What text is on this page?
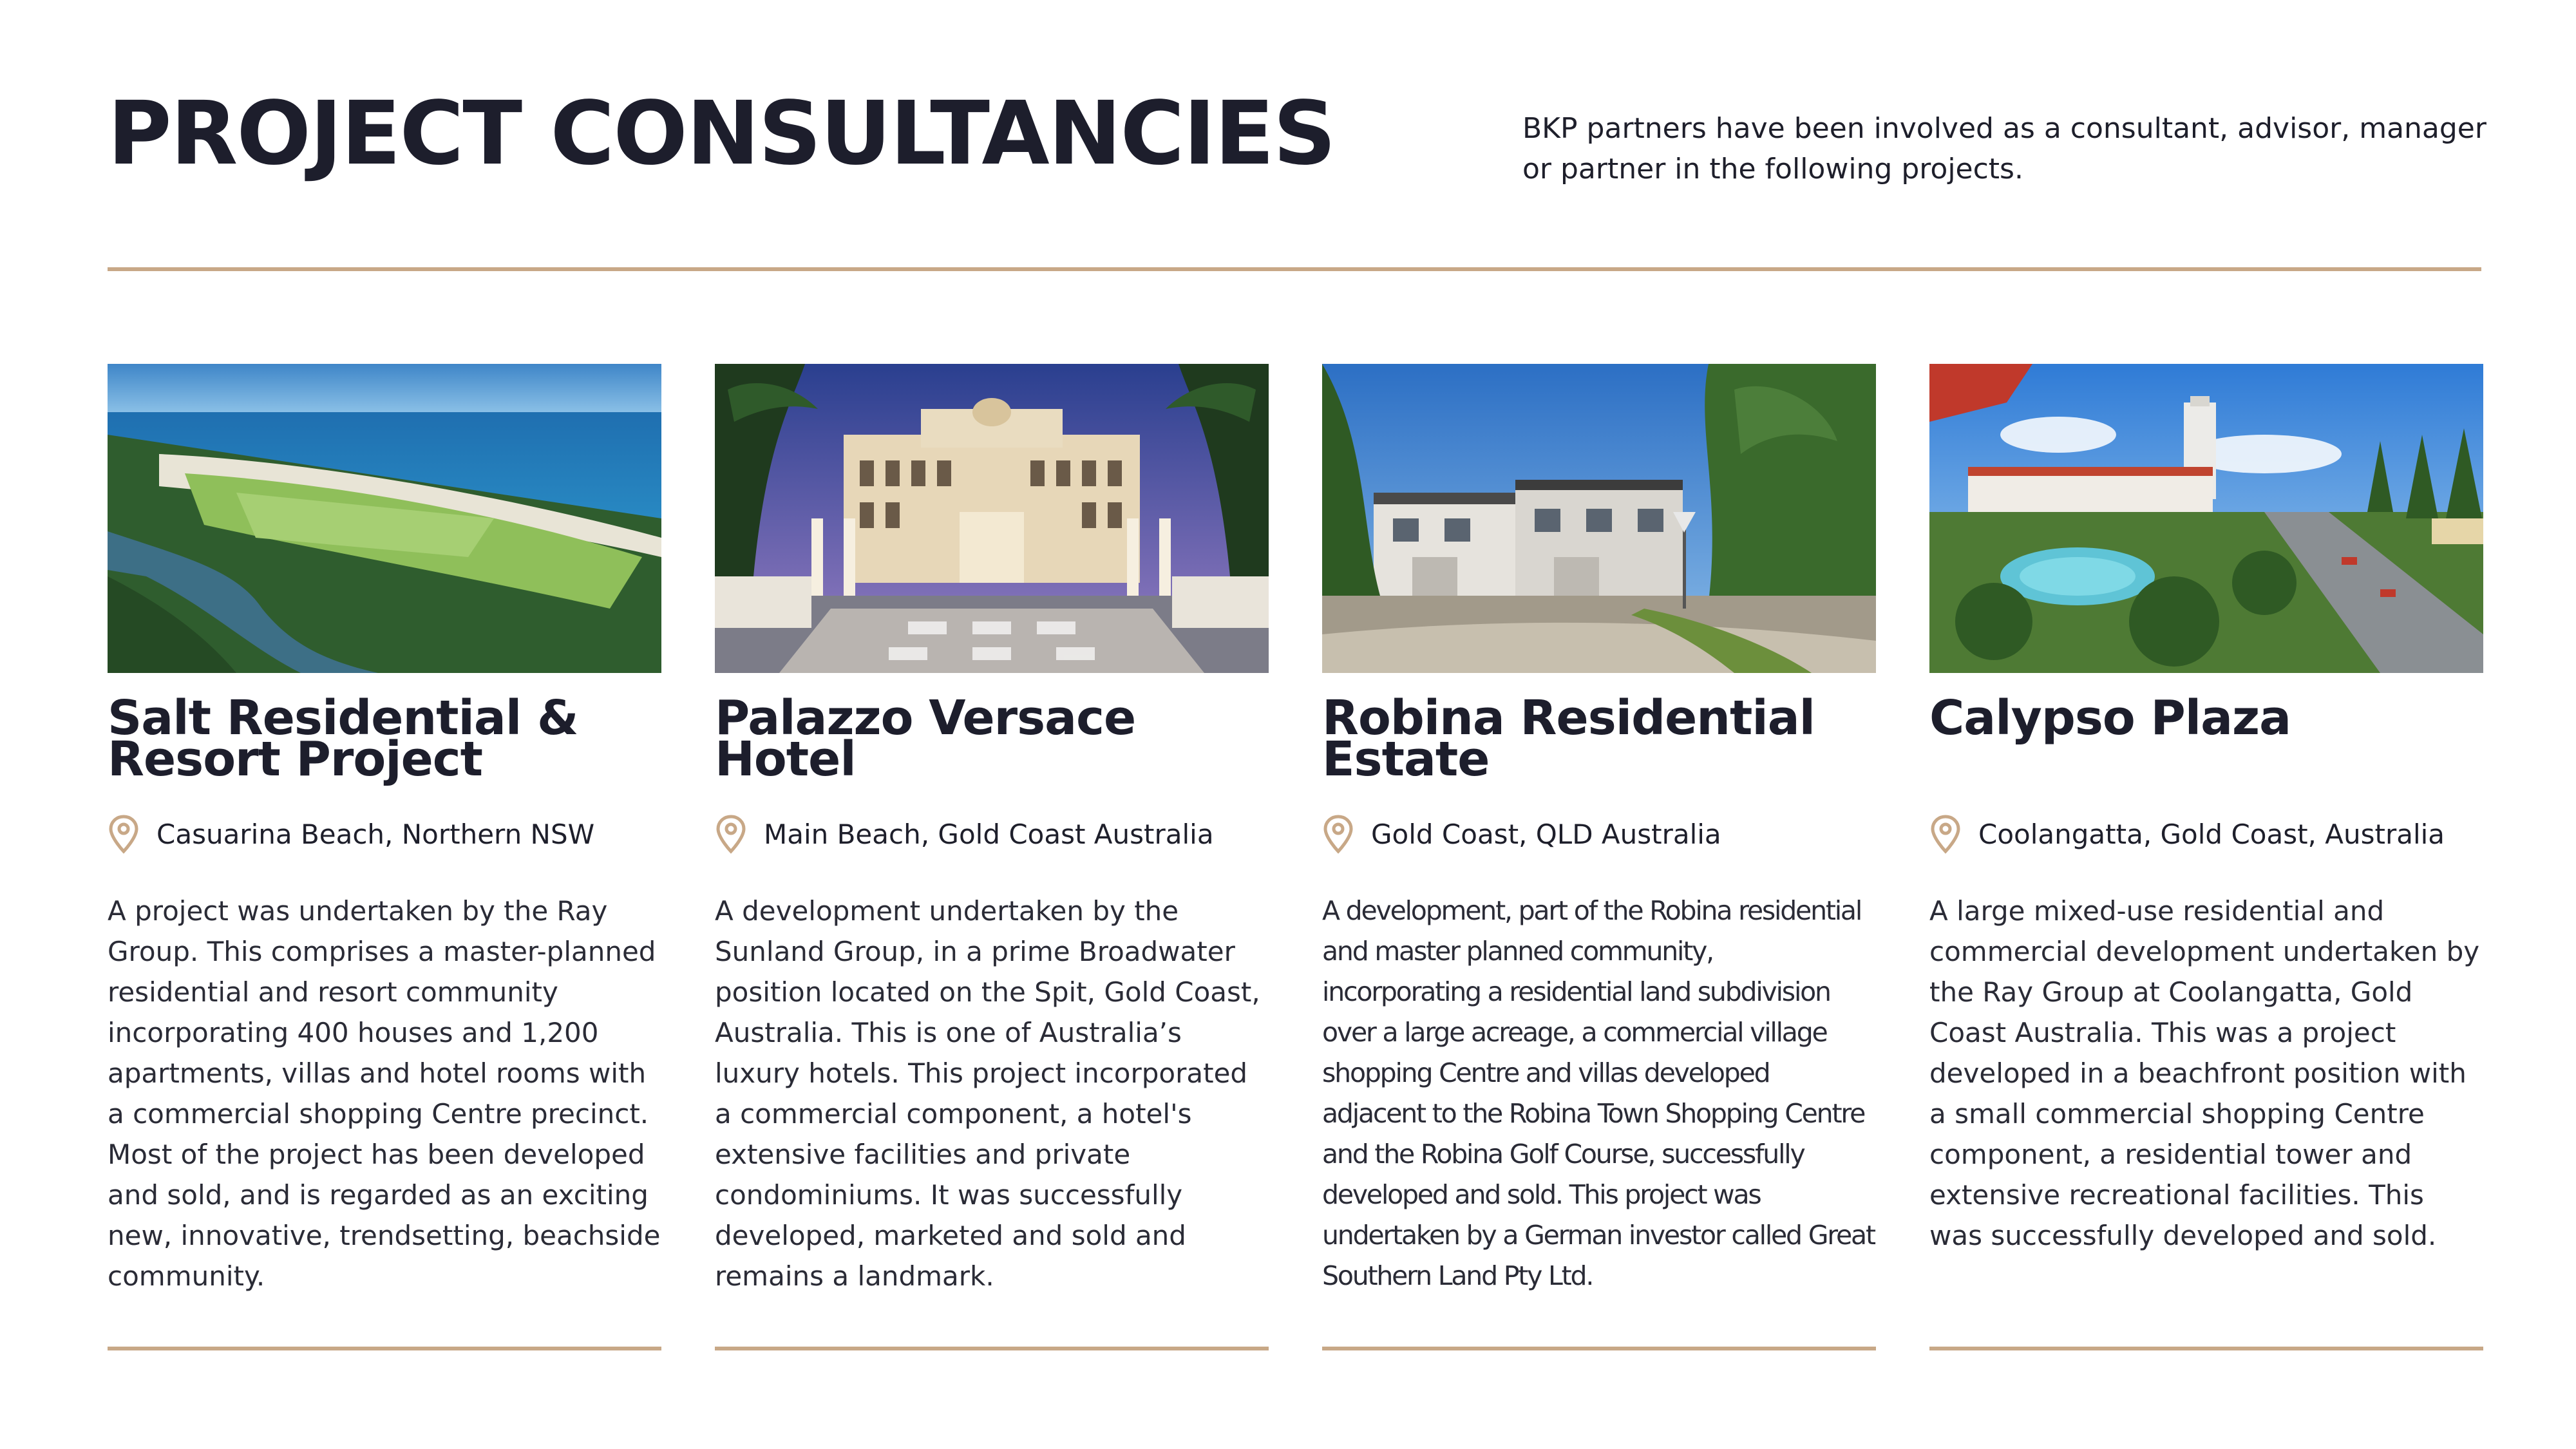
PROJECT CONSULTANCIES	BKP partners have been involved as a consultant, advisor, manager or partner in the following projects.
Salt Residential & Resort Project
Casuarina Beach, Northern NSW
A project was undertaken by the Ray Group. This comprises a master-planned residential and resort community incorporating 400 houses and 1,200 apartments, villas and hotel rooms with a commercial shopping Centre precinct. Most of the project has been developed and sold, and is regarded as an exciting new, innovative, trendsetting, beachside community.
Palazzo Versace Hotel
Main Beach, Gold Coast Australia
A development undertaken by the Sunland Group, in a prime Broadwater position located on the Spit, Gold Coast, Australia. This is one of Australia’s luxury hotels. This project incorporated a commercial component, a hotel's extensive facilities and private condominiums. It was successfully developed, marketed and sold and remains a landmark.
Robina Residential Estate
Gold Coast, QLD Australia
A development, part of the Robina residential and master planned community, incorporating a residential land subdivision over a large acreage, a commercial village shopping Centre and villas developed adjacent to the Robina Town Shopping Centre and the Robina Golf Course, successfully developed and sold. This project was undertaken by a German investor called Great Southern Land Pty Ltd.
Calypso Plaza
Coolangatta, Gold Coast, Australia
A large mixed-use residential and commercial development undertaken by the Ray Group at Coolangatta, Gold Coast Australia. This was a project developed in a beachfront position with a small commercial shopping Centre component, a residential tower and extensive recreational facilities. This was successfully developed and sold.
